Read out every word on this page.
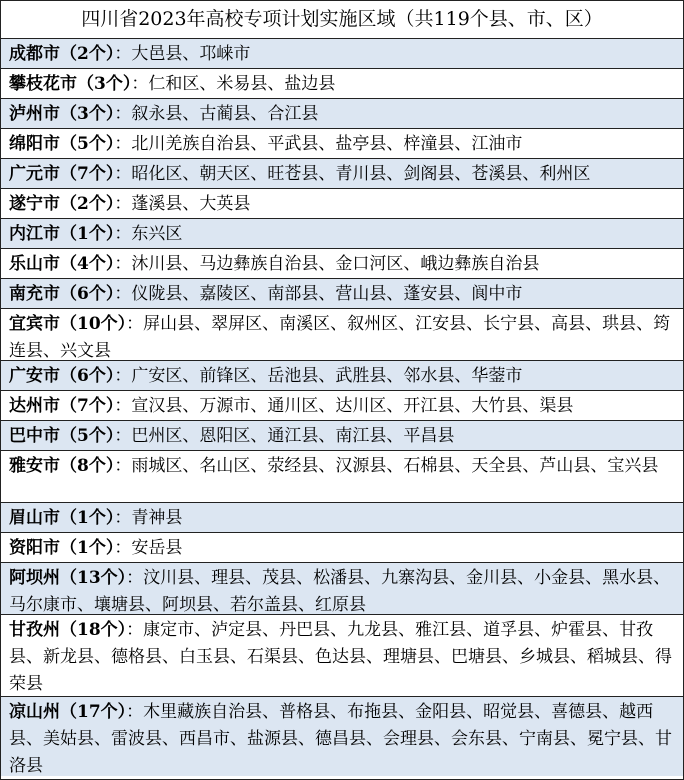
四川省2023年高校专项计划实施区域（共119个县、市、区）
成都市（2个）：大邑县、邛崃市
攀枝花市（3个）：仁和区、米易县、盐边县
泸州市（3个）：叙永县、古蔺县、合江县
绵阳市（5个）：北川羌族自治县、平武县、盐亭县、梓潼县、江油市
广元市（7个）：昭化区、朝天区、旺苍县、青川县、剑阁县、苍溪县、利州区
遂宁市（2个）：蓬溪县、大英县
内江市（1个）：东兴区
乐山市（4个）：沐川县、马边彝族自治县、金口河区、峨边彝族自治县
南充市（6个）：仪陇县、嘉陵区、南部县、营山县、蓬安县、阆中市
宜宾市（10个）：屏山县、翠屏区、南溪区、叙州区、江安县、长宁县、高县、珙县、筠连县、兴文县
广安市（6个）：广安区、前锋区、岳池县、武胜县、邻水县、华蓥市
达州市（7个）：宣汉县、万源市、通川区、达川区、开江县、大竹县、渠县
巴中市（5个）：巴州区、恩阳区、通江县、南江县、平昌县
雅安市（8个）：雨城区、名山区、荥经县、汉源县、石棉县、天全县、芦山县、宝兴县
眉山市（1个）：青神县
资阳市（1个）：安岳县
阿坝州（13个）：汶川县、理县、茂县、松潘县、九寨沟县、金川县、小金县、黑水县、马尔康市、壤塘县、阿坝县、若尔盖县、红原县
甘孜州（18个）：康定市、泸定县、丹巴县、九龙县、雅江县、道孚县、炉霍县、甘孜县、新龙县、德格县、白玉县、石渠县、色达县、理塘县、巴塘县、乡城县、稻城县、得荣县
凉山州（17个）：木里藏族自治县、普格县、布拖县、金阳县、昭觉县、喜德县、越西县、美姑县、雷波县、西昌市、盐源县、德昌县、会理县、会东县、宁南县、冕宁县、甘洛县
